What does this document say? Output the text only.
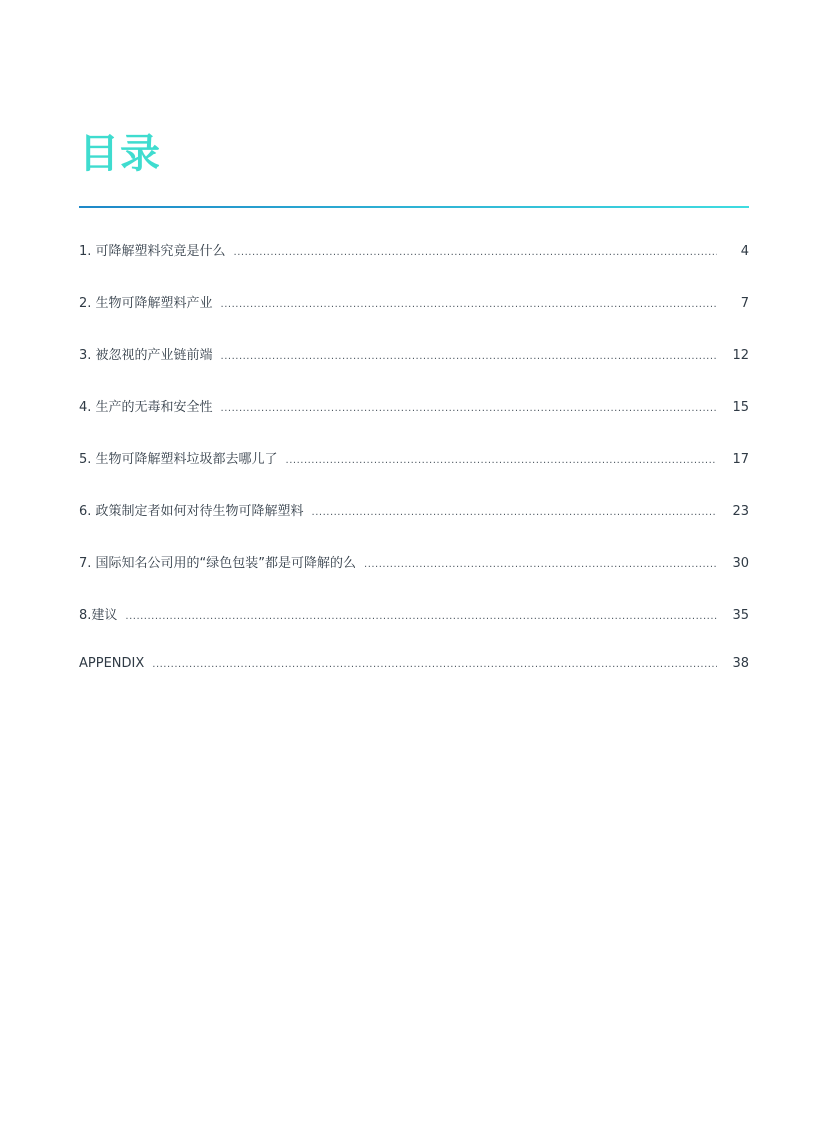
目录
1. 可降解塑料究竟是什么 .....	4
2. 生物可降解塑料产业 .....	7
3. 被忽视的产业链前端 .....	12
4. 生产的无毒和安全性 .....	15
5. 生物可降解塑料垃圾都去哪儿了 .....	17
6. 政策制定者如何对待生物可降解塑料 .....	23
7. 国际知名公司用的“绿色包装”都是可降解的么 .....	30
8.建议 .....	35
APPENDIX .....	38
